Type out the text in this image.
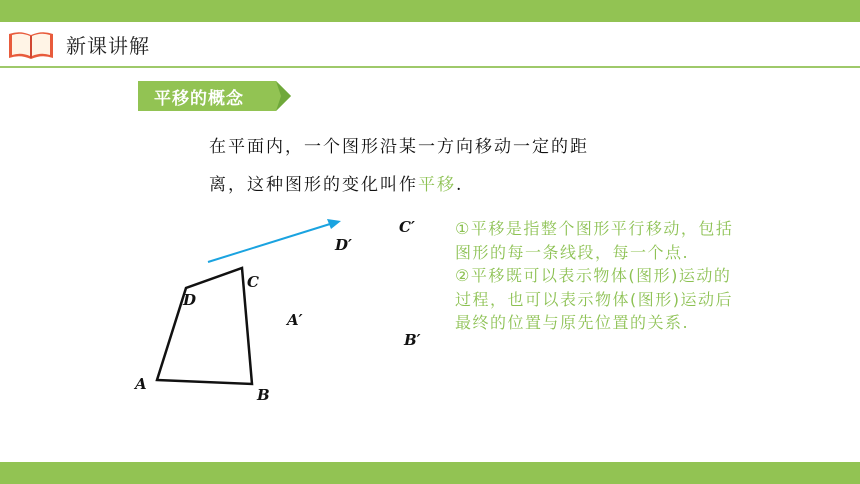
新课讲解
平移的概念
在平面内，一个图形沿某一方向移动一定的距
离，这种图形的变化叫作平移.
A
B
C
D
A′
B′
C′
D′

①平移是指整个图形平行移动，包括图形的每一条线段，每一个点.

②平移既可以表示物体(图形)运动的过程，也可以表示物体(图形)运动后最终的位置与原先位置的关系.
